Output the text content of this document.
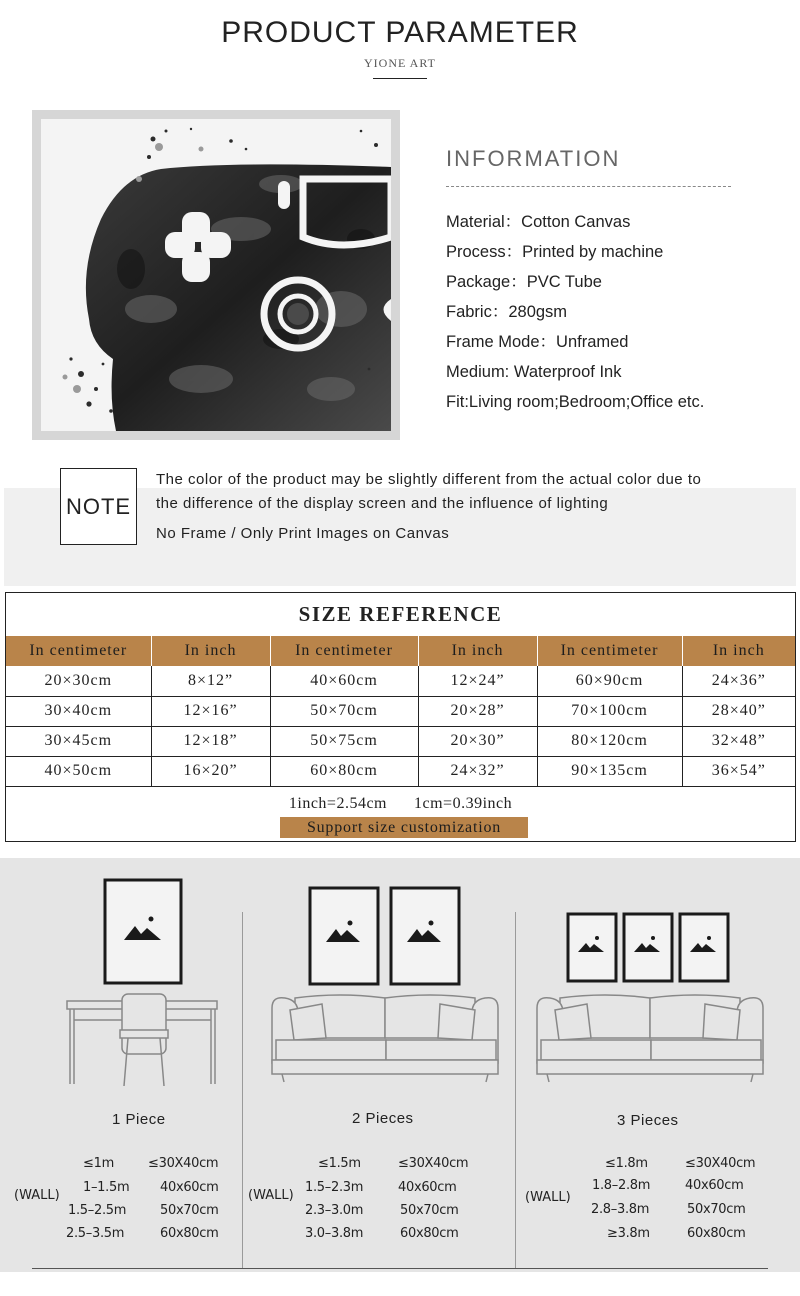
PRODUCT PARAMETER
YIONE ART
INFORMATION
Material：Cotton Canvas
Process：Printed by machine
Package：PVC Tube
Fabric：280gsm
Frame Mode：Unframed
Medium: Waterproof Ink
Fit:Living room;Bedroom;Office etc.
NOTE
The color of the product may be slightly different from the actual color due to
the difference of the display screen and the influence of lighting
No Frame / Only Print Images on Canvas
SIZE REFERENCE
In centimeter	In inch	In centimeter	In inch	In centimeter	In inch
20×30cm	8×12”	40×60cm	12×24”	60×90cm	24×36”
30×40cm	12×16”	50×70cm	20×28”	70×100cm	28×40”
30×45cm	12×18”	50×75cm	20×30”	80×120cm	32×48”
40×50cm	16×20”	60×80cm	24×32”	90×135cm	36×54”
1inch=2.54cm      1cm=0.39inch
Support size customization
1 Piece
(WALL)
≤1m	≤30X40cm
1–1.5m 40x60cm
1.5–2.5m	50x70cm
2.5–3.5m	60x80cm
2 Pieces
(WALL)
≤1.5m	≤30X40cm
1.5–2.3m	40x60cm
2.3–3.0m	50x70cm
3.0–3.8m	60x80cm
3 Pieces
(WALL)
≤1.8m	≤30X40cm
1.8–2.8m	40x60cm
2.8–3.8m	50x70cm
≥3.8m	60x80cm
